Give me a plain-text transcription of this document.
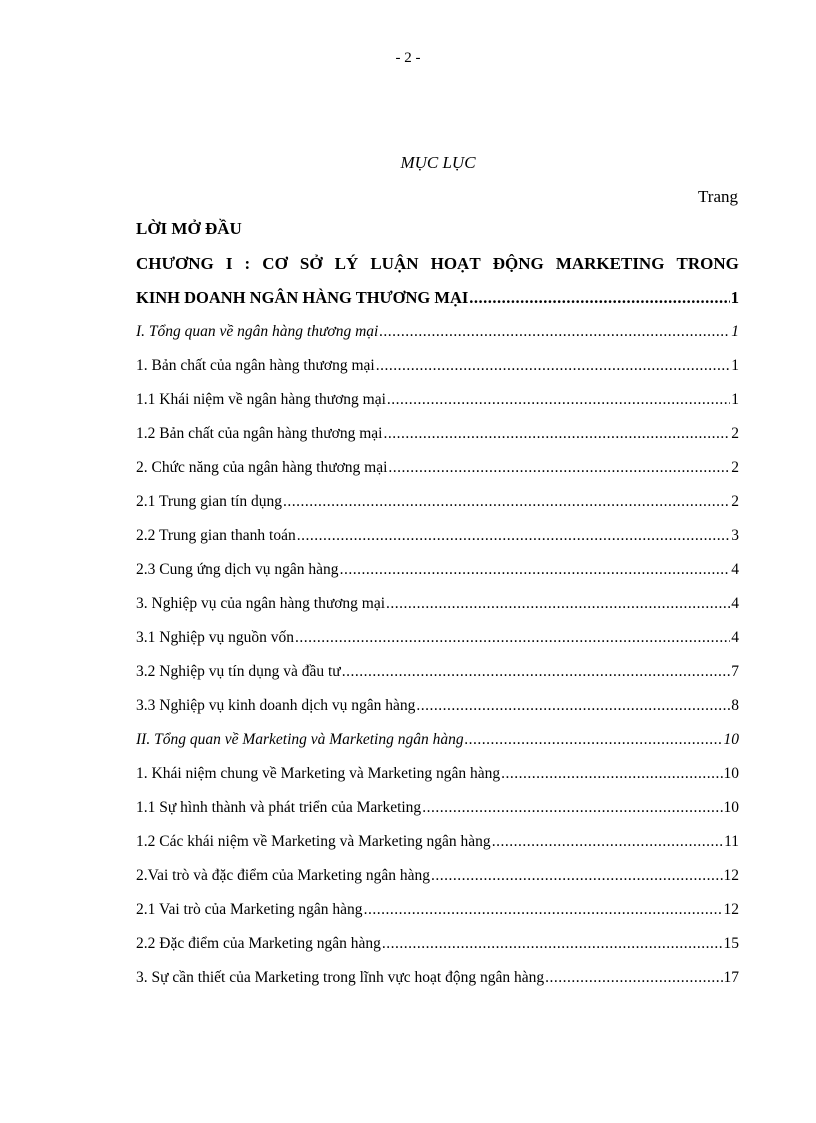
- 2 -
MỤC LỤC
Trang
LỜI MỞ ĐẦU
CHƯƠNG I : CƠ SỞ LÝ LUẬN HOẠT ĐỘNG MARKETING TRONG
KINH DOANH NGÂN HÀNG THƯƠNG MẠI .....	1
I. Tổng quan về ngân hàng thương mại .....	1
1. Bản chất của ngân hàng thương mại .....	1
1.1 Khái niệm về ngân hàng thương mại .....	1
1.2 Bản chất của ngân hàng thương mại .....	2
2. Chức năng của ngân hàng thương mại .....	2
2.1 Trung gian tín dụng .....	2
2.2 Trung gian thanh toán .....	3
2.3 Cung ứng dịch vụ ngân hàng .....	4
3. Nghiệp vụ của ngân hàng thương mại .....	4
3.1 Nghiệp vụ nguồn vốn .....	4
3.2 Nghiệp vụ tín dụng và đầu tư .....	7
3.3 Nghiệp vụ kinh doanh dịch vụ ngân hàng .....	8
II. Tổng quan về Marketing và Marketing ngân hàng .....	10
1. Khái niệm chung về Marketing và Marketing ngân hàng .....	10
1.1 Sự hình thành và phát triển của Marketing .....	10
1.2 Các khái niệm về Marketing và Marketing ngân hàng .....	11
2.Vai trò và đặc điểm của Marketing ngân hàng .....	12
2.1 Vai trò của Marketing ngân hàng .....	12
2.2 Đặc điểm của Marketing ngân hàng .....	15
3. Sự cần thiết của Marketing trong lĩnh vực hoạt động ngân hàng .....	17
